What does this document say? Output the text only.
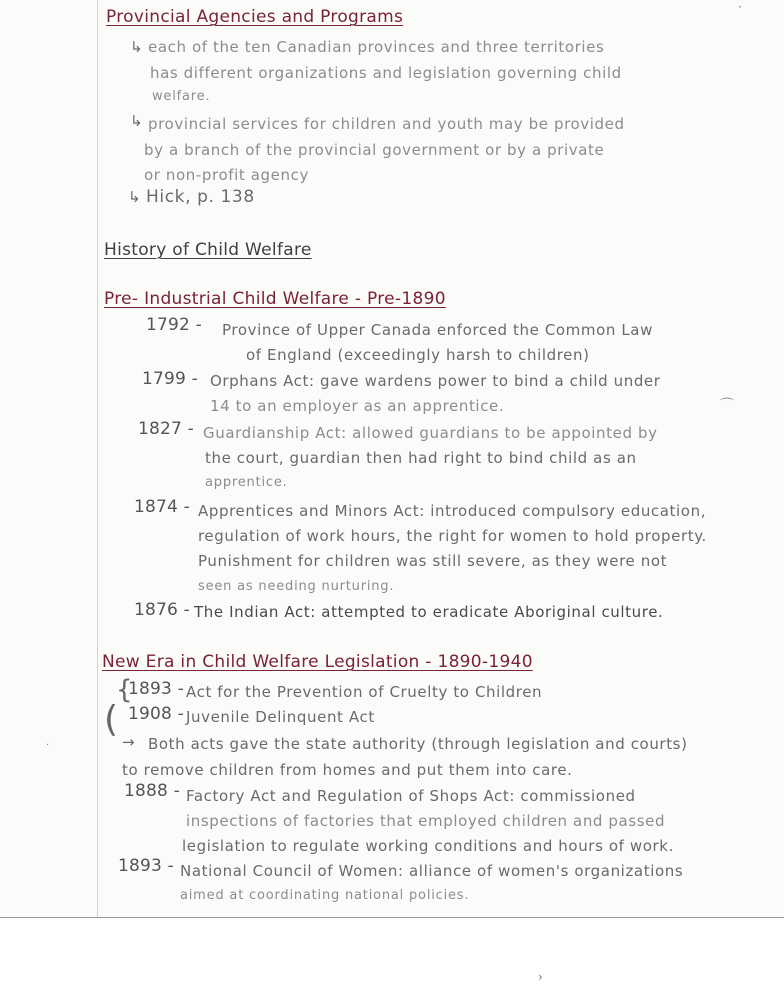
Provincial Agencies and Programs
↳ each of the ten Canadian provinces and three territories
has different organizations and legislation governing child
welfare.
↳ provincial services for children and youth may be provided
by a branch of the provincial government or by a private
or non-profit agency
↳ Hick, p. 138
History of Child Welfare
Pre- Industrial Child Welfare - Pre-1890
1792 - Province of Upper Canada enforced the Common Law
of England (exceedingly harsh to children)
1799 - Orphans Act: gave wardens power to bind a child under
14 to an employer as an apprentice.	⌒
1827 - Guardianship Act: allowed guardians to be appointed by
the court, guardian then had right to bind child as an
apprentice.
1874 - Apprentices and Minors Act: introduced compulsory education,
regulation of work hours, the right for women to hold property.
Punishment for children was still severe, as they were not
seen as needing nurturing.
1876 - The Indian Act: attempted to eradicate Aboriginal culture.
New Era in Child Welfare Legislation - 1890-1940
{
(
1893 - Act for the Prevention of Cruelty to Children
1908 - Juvenile Delinquent Act
→ Both acts gave the state authority (through legislation and courts)
to remove children from homes and put them into care.
1888 - Factory Act and Regulation of Shops Act: commissioned
inspections of factories that employed children and passed
legislation to regulate working conditions and hours of work.
1893 - National Council of Women: alliance of women's organizations
aimed at coordinating national policies.
·
·
›
